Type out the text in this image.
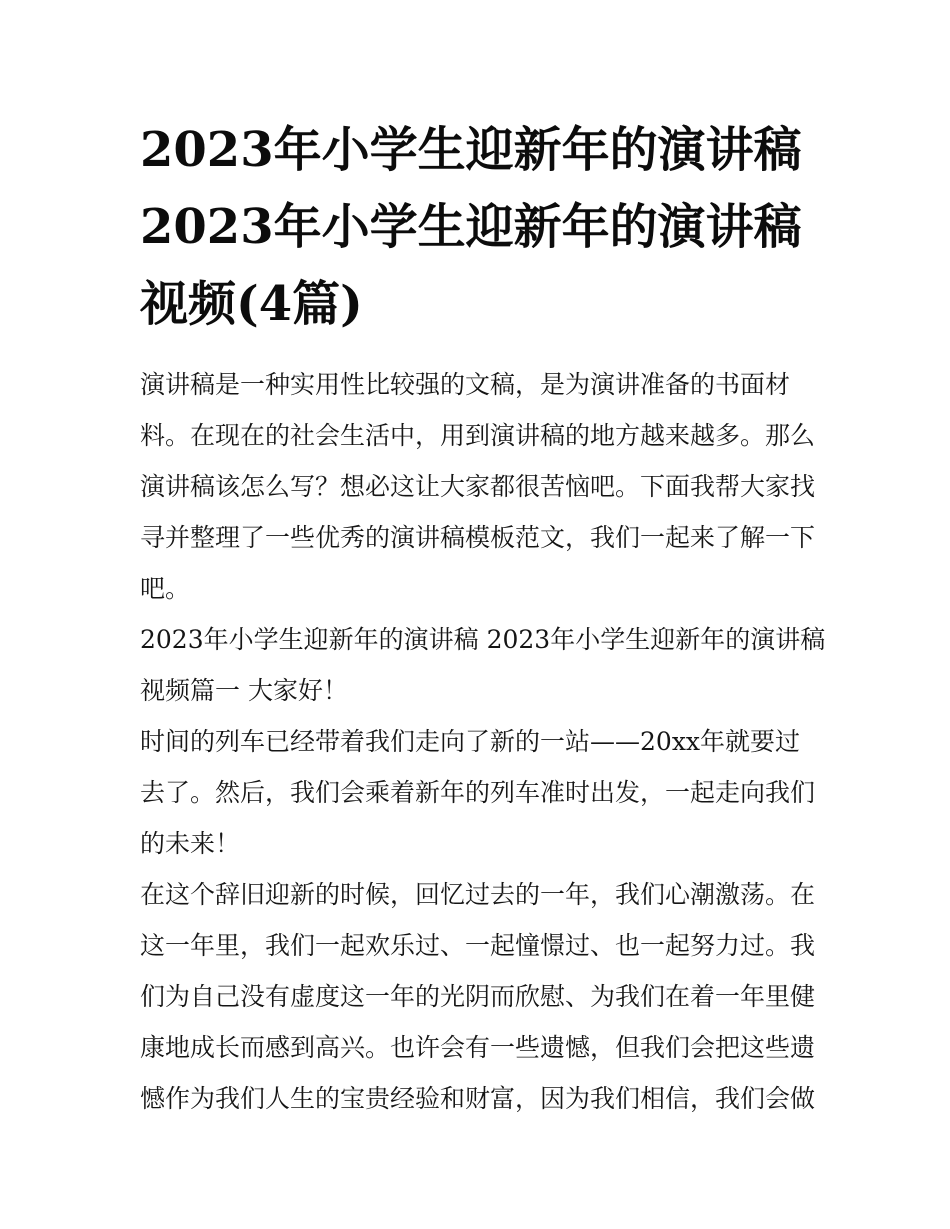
2023年小学生迎新年的演讲稿
2023年小学生迎新年的演讲稿
视频(4篇)

演讲稿是一种实用性比较强的文稿，是为演讲准备的书面材
料。在现在的社会生活中，用到演讲稿的地方越来越多。那么
演讲稿该怎么写？想必这让大家都很苦恼吧。下面我帮大家找
寻并整理了一些优秀的演讲稿模板范文，我们一起来了解一下
吧。

2023年小学生迎新年的演讲稿 2023年小学生迎新年的演讲稿
视频篇一 大家好！

时间的列车已经带着我们走向了新的一站——20xx年就要过
去了。然后，我们会乘着新年的列车准时出发，一起走向我们
的未来！

在这个辞旧迎新的时候，回忆过去的一年，我们心潮激荡。在
这一年里，我们一起欢乐过、一起憧憬过、也一起努力过。我
们为自己没有虚度这一年的光阴而欣慰、为我们在着一年里健
康地成长而感到高兴。也许会有一些遗憾，但我们会把这些遗
憾作为我们人生的宝贵经验和财富，因为我们相信，我们会做
